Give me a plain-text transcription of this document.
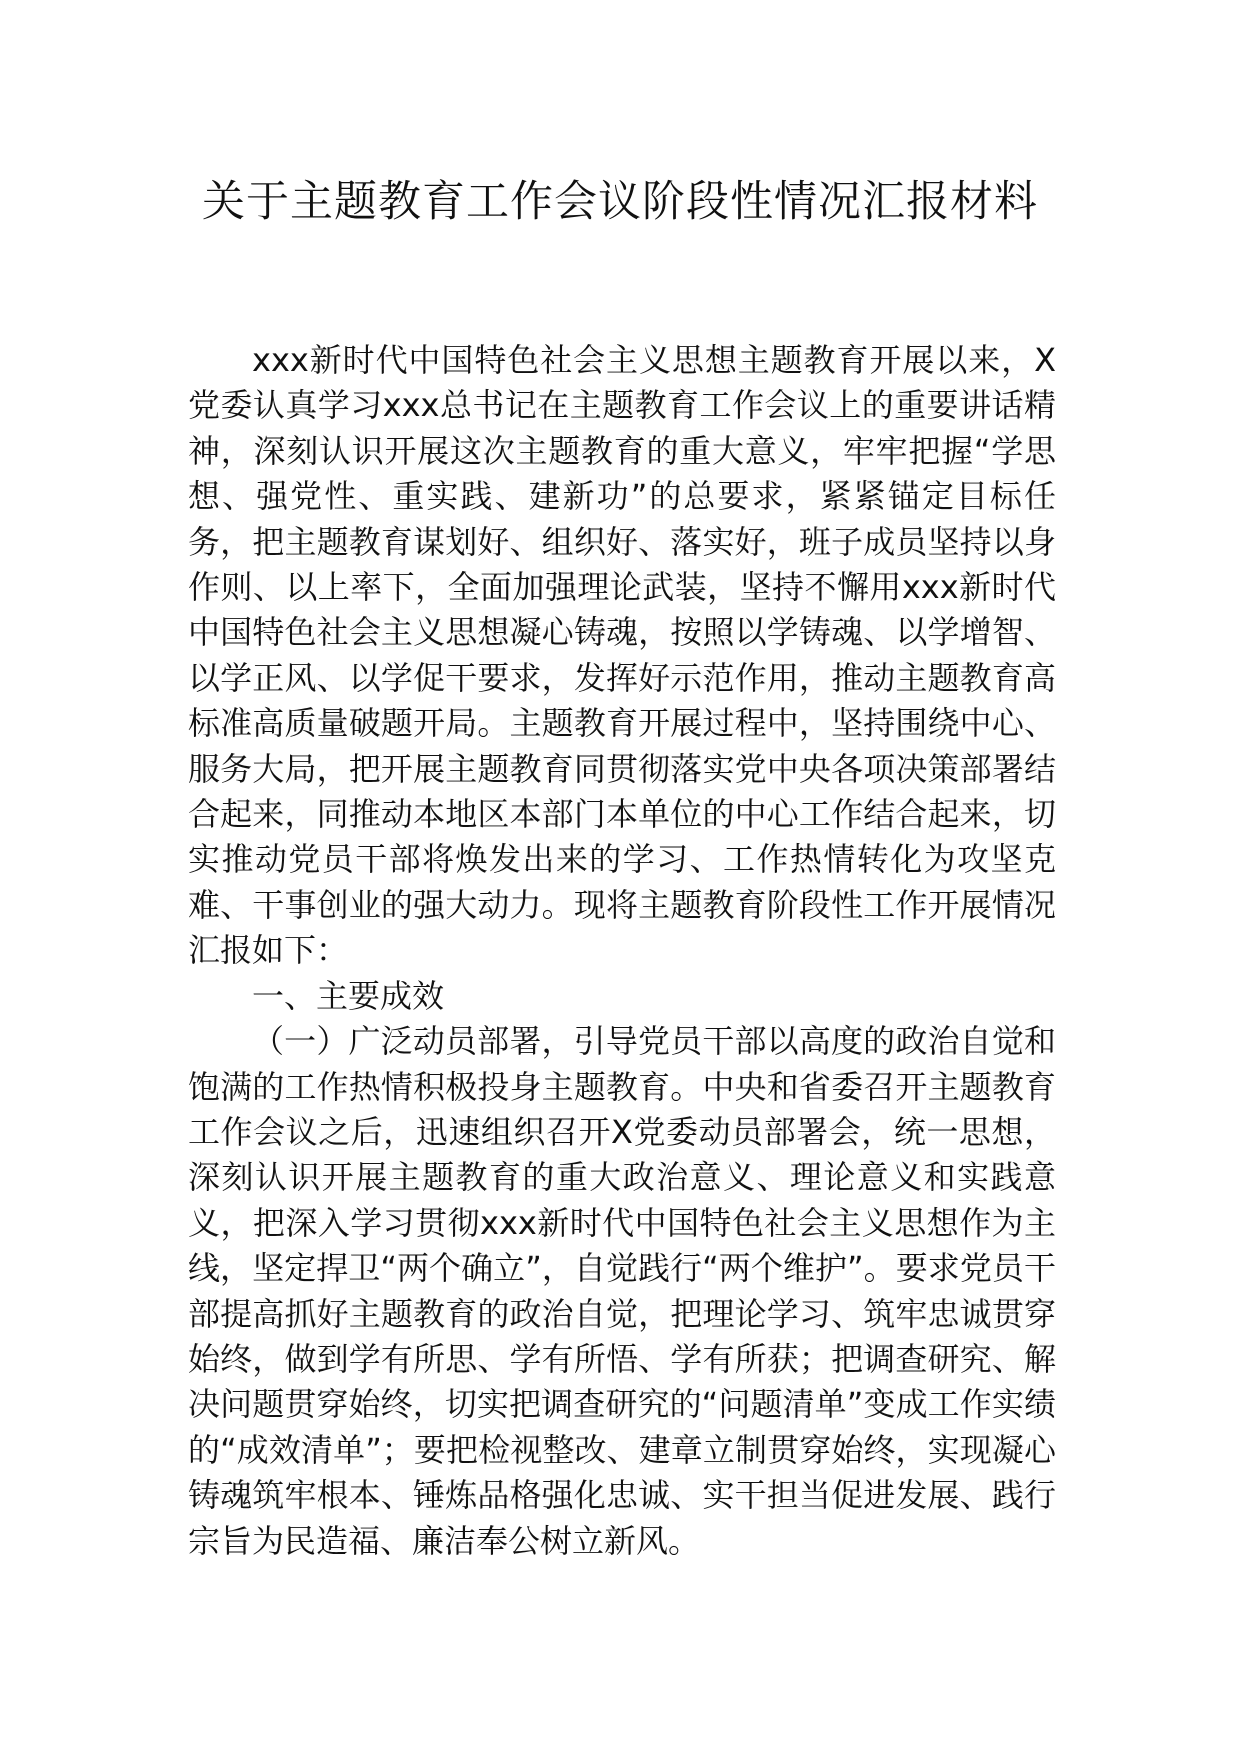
关于主题教育工作会议阶段性情况汇报材料

xxx新时代中国特色社会主义思想主题教育开展以来，X党委认真学习xxx总书记在主题教育工作会议上的重要讲话精神，深刻认识开展这次主题教育的重大意义，牢牢把握“学思想、强党性、重实践、建新功”的总要求，紧紧锚定目标任务，把主题教育谋划好、组织好、落实好，班子成员坚持以身作则、以上率下，全面加强理论武装，坚持不懈用xxx新时代中国特色社会主义思想凝心铸魂，按照以学铸魂、以学增智、以学正风、以学促干要求，发挥好示范作用，推动主题教育高标准高质量破题开局。主题教育开展过程中，坚持围绕中心、服务大局，把开展主题教育同贯彻落实党中央各项决策部署结合起来，同推动本地区本部门本单位的中心工作结合起来，切实推动党员干部将焕发出来的学习、工作热情转化为攻坚克难、干事创业的强大动力。现将主题教育阶段性工作开展情况汇报如下：

一、主要成效

（一）广泛动员部署，引导党员干部以高度的政治自觉和饱满的工作热情积极投身主题教育。中央和省委召开主题教育工作会议之后，迅速组织召开X党委动员部署会，统一思想，深刻认识开展主题教育的重大政治意义、理论意义和实践意义，把深入学习贯彻xxx新时代中国特色社会主义思想作为主线，坚定捍卫“两个确立”，自觉践行“两个维护”。要求党员干部提高抓好主题教育的政治自觉，把理论学习、筑牢忠诚贯穿始终，做到学有所思、学有所悟、学有所获；把调查研究、解决问题贯穿始终，切实把调查研究的“问题清单”变成工作实绩的“成效清单”；要把检视整改、建章立制贯穿始终，实现凝心铸魂筑牢根本、锤炼品格强化忠诚、实干担当促进发展、践行宗旨为民造福、廉洁奉公树立新风。
